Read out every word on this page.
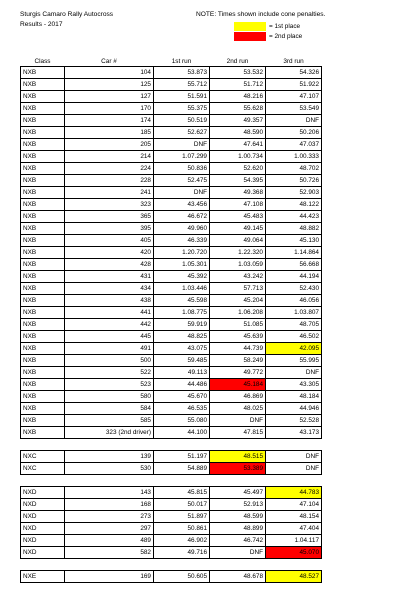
Sturgis Camaro Rally Autocross
Results - 2017
NOTE: Times shown include cone penalties.
= 1st place
= 2nd place
Class	Car #	1st run	2nd run	3rd run
NXB	104	53.873	53.532	54.326
NXB	125	55.712	51.712	51.922
NXB	127	51.591	48.216	47.107
NXB	170	55.375	55.628	53.549
NXB	174	50.519	49.357	DNF
NXB	185	52.627	48.590	50.206
NXB	205	DNF	47.641	47.037
NXB	214	1.07.299	1.00.734	1.00.333
NXB	224	50.836	52.620	48.702
NXB	228	52.475	54.395	50.726
NXB	241	DNF	49.368	52.903
NXB	323	43.456	47.108	48.122
NXB	365	46.672	45.483	44.423
NXB	395	49.960	49.145	48.882
NXB	405	46.339	49.064	45.130
NXB	420	1.20.720	1.22.320	1.14.864
NXB	428	1.05.301	1.03.059	56.668
NXB	431	45.392	43.242	44.194
NXB	434	1.03.446	57.713	52.430
NXB	438	45.598	45.204	46.056
NXB	441	1.08.775	1.06.208	1.03.807
NXB	442	59.919	51.085	48.705
NXB	445	48.825	45.639	46.502
NXB	491	43.075	44.739	42.095
NXB	500	59.485	58.249	55.995
NXB	522	49.113	49.772	DNF
NXB	523	44.486	45.184	43.305
NXB	580	45.670	46.869	48.184
NXB	584	46.535	48.025	44.946
NXB	585	55.080	DNF	52.528
NXB	323 (2nd driver)	44.100	47.815	43.173

NXC	139	51.197	48.515	DNF
NXC	530	54.889	53.389	DNF

NXD	143	45.815	45.497	44.783
NXD	168	50.017	52.913	47.104
NXD	273	51.897	48.599	48.154
NXD	297	50.861	48.899	47.404
NXD	489	46.902	46.742	1.04.117
NXD	582	49.716	DNF	45.070

NXE	169	50.605	48.678	48.527
